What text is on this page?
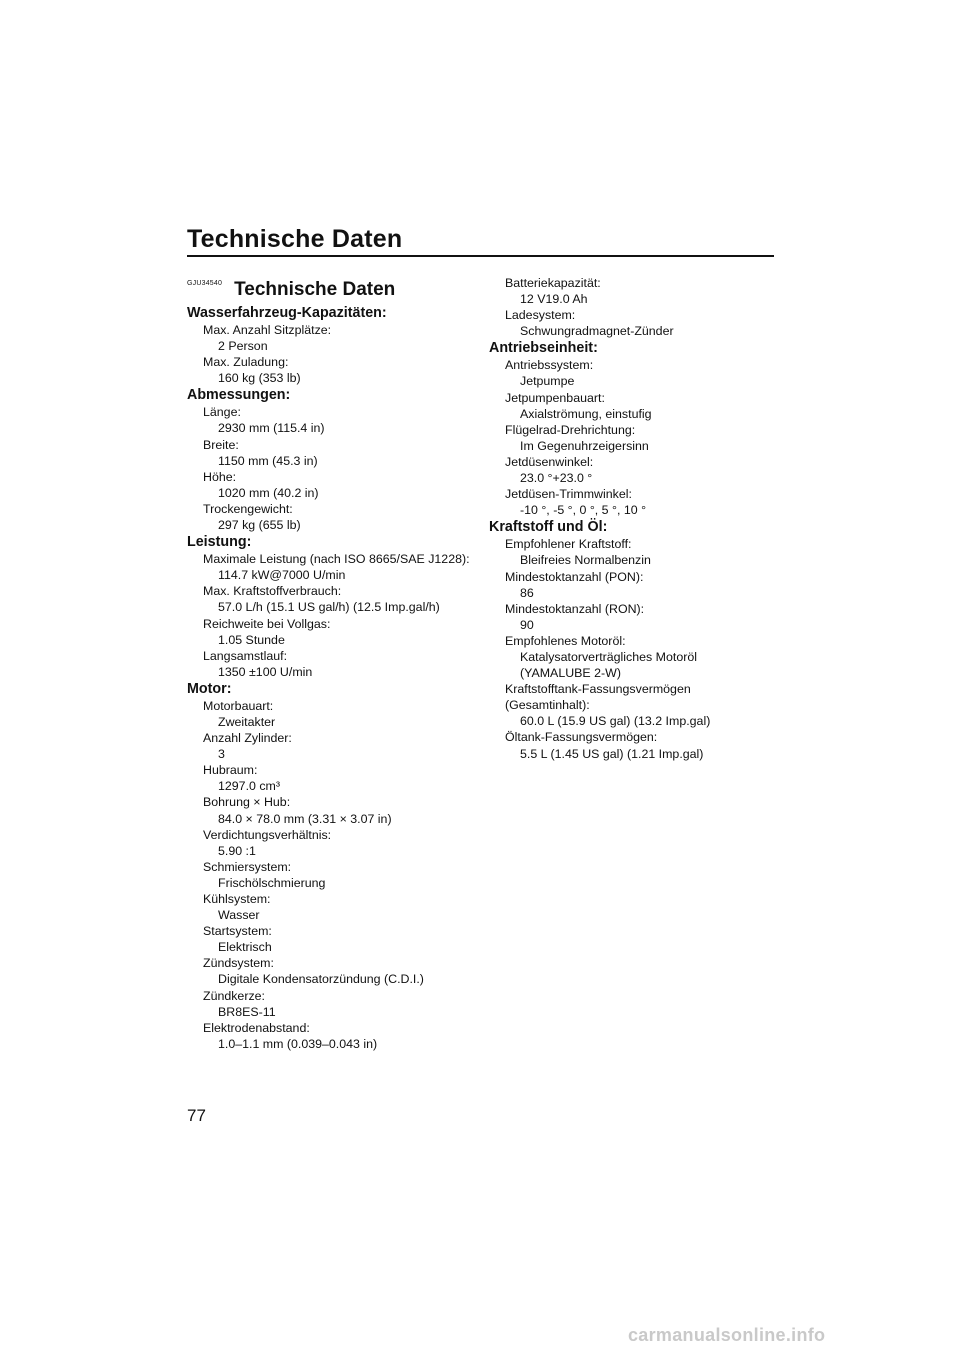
Technische Daten
$^{GJU34540}$ Technische Daten
Wasserfahrzeug-Kapazitäten:
Max. Anzahl Sitzplätze:
2 Person
Max. Zuladung:
160 kg (353 lb)
Abmessungen:
Länge:
2930 mm (115.4 in)
Breite:
1150 mm (45.3 in)
Höhe:
1020 mm (40.2 in)
Trockengewicht:
297 kg (655 lb)
Leistung:
Maximale Leistung (nach ISO 8665/SAE J1228):
114.7 kW@7000 U/min
Max. Kraftstoffverbrauch:
57.0 L/h (15.1 US gal/h) (12.5 Imp.gal/h)
Reichweite bei Vollgas:
1.05 Stunde
Langsamstlauf:
1350 ±100 U/min
Motor:
Motorbauart:
Zweitakter
Anzahl Zylinder:
3
Hubraum:
1297.0 cm³
Bohrung × Hub:
84.0 × 78.0 mm (3.31 × 3.07 in)
Verdichtungsverhältnis:
5.90 :1
Schmiersystem:
Frischölschmierung
Kühlsystem:
Wasser
Startsystem:
Elektrisch
Zündsystem:
Digitale Kondensatorzündung (C.D.I.)
Zündkerze:
BR8ES-11
Elektrodenabstand:
1.0–1.1 mm (0.039–0.043 in)
Batteriekapazität:
12 V19.0 Ah
Ladesystem:
Schwungradmagnet-Zünder
Antriebseinheit:
Antriebssystem:
Jetpumpe
Jetpumpenbauart:
Axialströmung, einstufig
Flügelrad-Drehrichtung:
Im Gegenuhrzeigersinn
Jetdüsenwinkel:
23.0 °+23.0 °
Jetdüsen-Trimmwinkel:
-10 °, -5 °, 0 °, 5 °, 10 °
Kraftstoff und Öl:
Empfohlener Kraftstoff:
Bleifreies Normalbenzin
Mindestoktanzahl (PON):
86
Mindestoktanzahl (RON):
90
Empfohlenes Motoröl:
Katalysatorverträgliches Motoröl
(YAMALUBE 2-W)
Kraftstofftank-Fassungsvermögen
(Gesamtinhalt):
60.0 L (15.9 US gal) (13.2 Imp.gal)
Öltank-Fassungsvermögen:
5.5 L (1.45 US gal) (1.21 Imp.gal)
77
carmanualsonline.info
